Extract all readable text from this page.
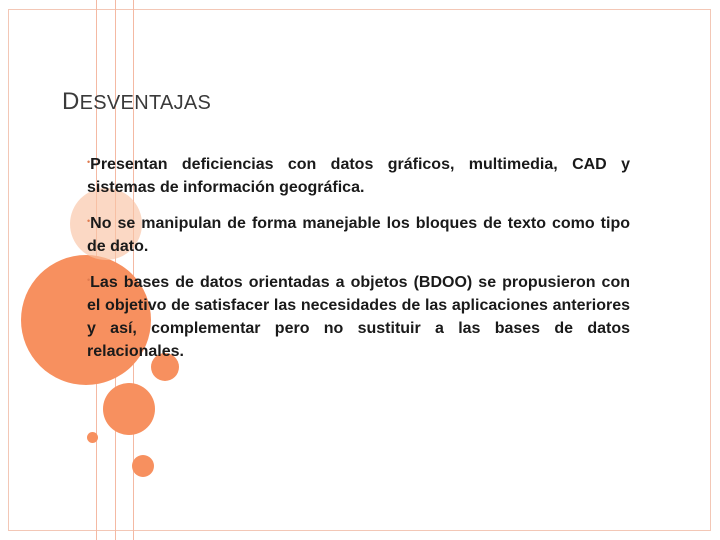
DESVENTAJAS

•Presentan deficiencias con datos gráficos, multimedia, CAD y sistemas de información geográfica.

•No se manipulan de forma manejable los bloques de texto como tipo de dato.

•Las bases de datos orientadas a objetos (BDOO) se propusieron con el objetivo de satisfacer las necesidades de las aplicaciones anteriores y así, complementar pero no sustituir a las bases de datos relacionales.
